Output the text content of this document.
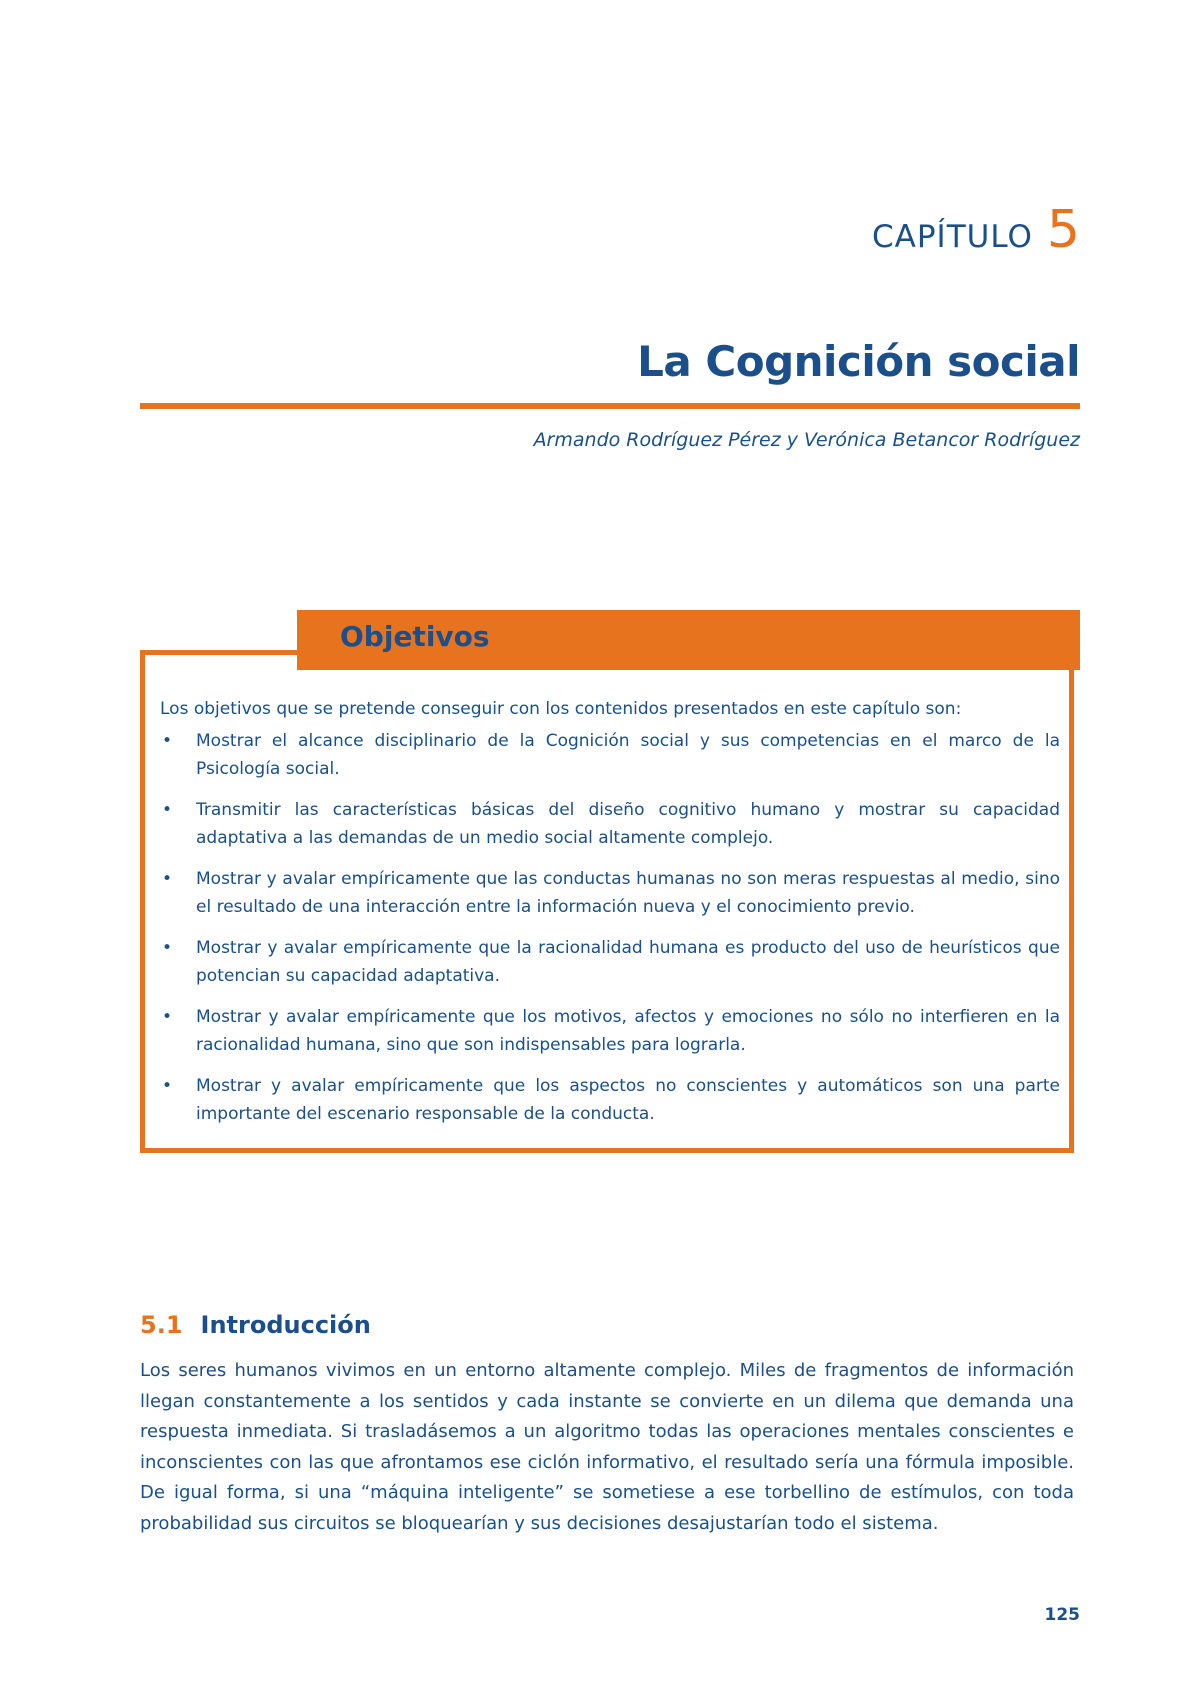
CAPÍTULO 5
La Cognición social
Armando Rodríguez Pérez y Verónica Betancor Rodríguez
Objetivos
Los objetivos que se pretende conseguir con los contenidos presentados en este capítulo son:
• Mostrar el alcance disciplinario de la Cognición social y sus competencias en el marco de la Psicología social.
• Transmitir las características básicas del diseño cognitivo humano y mostrar su capacidad adaptativa a las demandas de un medio social altamente complejo.
• Mostrar y avalar empíricamente que las conductas humanas no son meras respuestas al medio, sino el resultado de una interacción entre la información nueva y el conocimiento previo.
• Mostrar y avalar empíricamente que la racionalidad humana es producto del uso de heurísticos que potencian su capacidad adaptativa.
• Mostrar y avalar empíricamente que los motivos, afectos y emociones no sólo no interfieren en la racionalidad humana, sino que son indispensables para lograrla.
• Mostrar y avalar empíricamente que los aspectos no conscientes y automáticos son una parte importante del escenario responsable de la conducta.
5.1 Introducción

Los seres humanos vivimos en un entorno altamente complejo. Miles de fragmentos de información llegan constantemente a los sentidos y cada instante se convierte en un dilema que demanda una respuesta inmediata. Si trasladásemos a un algoritmo todas las operaciones mentales conscientes e inconscientes con las que afrontamos ese ciclón informativo, el resultado sería una fórmula imposible. De igual forma, si una “máquina inteligente” se sometiese a ese torbellino de estímulos, con toda probabilidad sus circuitos se bloquearían y sus decisiones desajustarían todo el sistema.

125
